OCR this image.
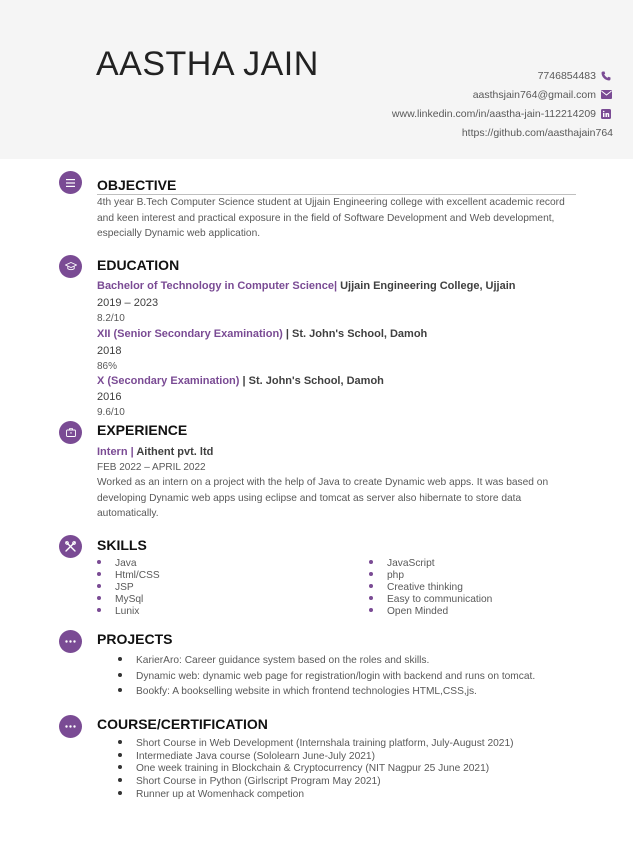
AASTHA JAIN	7746854483
aasthsjain764@gmail.com
www.linkedin.com/in/aastha-jain-112214209
https://github.com/aasthajain764
OBJECTIVE
4th year B.Tech Computer Science student at Ujjain Engineering college with excellent academic record and keen interest and practical exposure in the field of Software Development and Web development, especially Dynamic web application.
EDUCATION
Bachelor of Technology in Computer Science| Ujjain Engineering College, Ujjain
2019 – 2023
8.2/10
XII (Senior Secondary Examination) | St. John's School, Damoh
2018
86%
X (Secondary Examination) | St. John's School, Damoh
2016
9.6/10
EXPERIENCE
Intern | Aithent pvt. ltd
FEB 2022 – APRIL 2022
Worked as an intern on a project with the help of Java to create Dynamic web apps. It was based on developing Dynamic web apps using eclipse and tomcat as server also hibernate to store data automatically.
SKILLS
Java
Html/CSS
JSP
MySql
Lunix
JavaScript
php
Creative thinking
Easy to communication
Open Minded
PROJECTS
KarierAro: Career guidance system based on the roles and skills.
Dynamic web: dynamic web page for registration/login with backend and runs on tomcat.
Bookfy: A bookselling website in which frontend technologies HTML,CSS,js.
COURSE/CERTIFICATION
Short Course in Web Development (Internshala training platform, July-August 2021)
Intermediate Java course (Sololearn June-July 2021)
One week training in Blockchain & Cryptocurrency (NIT Nagpur 25 June 2021)
Short Course in Python (Girlscript Program May 2021)
Runner up at Womenhack competion
